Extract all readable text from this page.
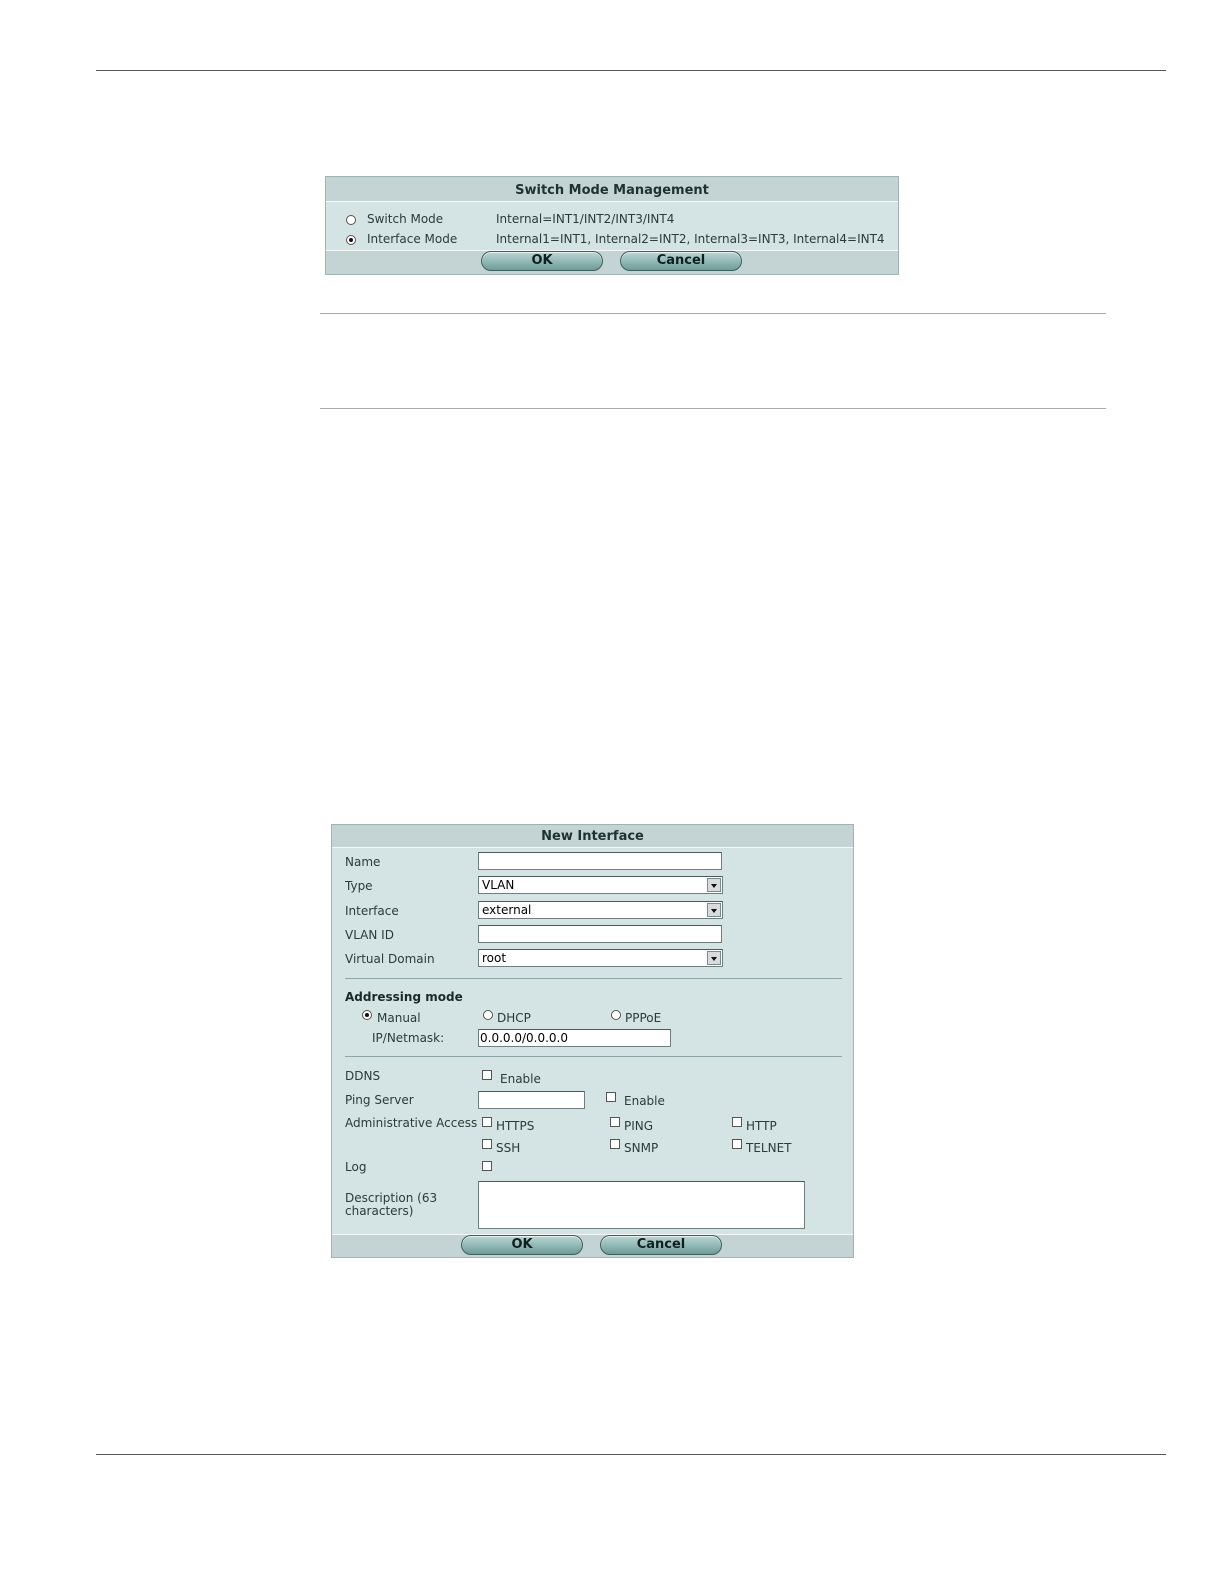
Switch Mode Management
Switch Mode	Internal=INT1/INT2/INT3/INT4
Interface Mode	Internal1=INT1, Internal2=INT2, Internal3=INT3, Internal4=INT4
OK	Cancel
New Interface
Name
Type	VLAN
Interface	external
VLAN ID
Virtual Domain	root
Addressing mode
Manual	DHCP	PPPoE
IP/Netmask:	0.0.0.0/0.0.0.0
DDNS	Enable
Ping Server	Enable
Administrative Access HTTPS	PING	HTTP
SSH	SNMP	TELNET
Log
Description (63 characters)
OK	Cancel
